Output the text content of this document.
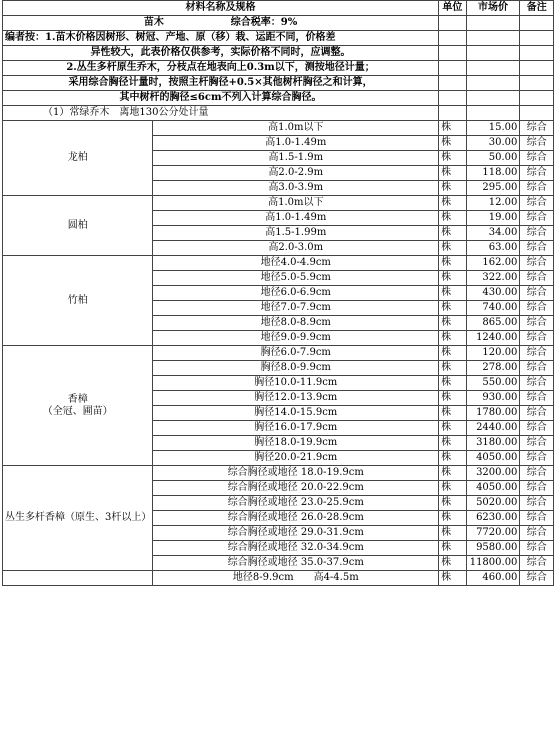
材料名称及规格		单位	市场价	备注
苗木 综合税率：9%				
编者按：1.苗木价格因树形、树冠、产地、原（移）栽、运距不同，价格差				
异性较大，此表价格仅供参考，实际价格不同时，应调整。				
2.丛生多杆原生乔木，分枝点在地表向上0.3m以下，测按地径计量；				
采用综合胸径计量时，按照主杆胸径+0.5×其他树杆胸径之和计算，				
其中树杆的胸径≤6cm不列入计算综合胸径。				
（1）常绿乔木　离地130公分处计量				

龙柏	高1.0m以下	株	15.00	综合
	高1.0-1.49m	株	30.00	综合
	高1.5-1.9m	株	50.00	综合
	高2.0-2.9m	株	118.00	综合
	高3.0-3.9m	株	295.00	综合

圆柏	高1.0m以下	株	12.00	综合
	高1.0-1.49m	株	19.00	综合
	高1.5-1.99m	株	34.00	综合
	高2.0-3.0m	株	63.00	综合

竹柏	地径4.0-4.9cm	株	162.00	综合
	地径5.0-5.9cm	株	322.00	综合
	地径6.0-6.9cm	株	430.00	综合
	地径7.0-7.9cm	株	740.00	综合
	地径8.0-8.9cm	株	865.00	综合
	地径9.0-9.9cm	株	1240.00	综合

香樟
（全冠、圃苗）	胸径6.0-7.9cm	株	120.00	综合
	胸径8.0-9.9cm	株	278.00	综合
	胸径10.0-11.9cm	株	550.00	综合
	胸径12.0-13.9cm	株	930.00	综合
	胸径14.0-15.9cm	株	1780.00	综合
	胸径16.0-17.9cm	株	2440.00	综合
	胸径18.0-19.9cm	株	3180.00	综合
	胸径20.0-21.9cm	株	4050.00	综合

丛生多杆香樟（原生、3杆以上）	综合胸径或地径 18.0-19.9cm	株	3200.00	综合
	综合胸径或地径 20.0-22.9cm	株	4050.00	综合
	综合胸径或地径 23.0-25.9cm	株	5020.00	综合
	综合胸径或地径 26.0-28.9cm	株	6230.00	综合
	综合胸径或地径 29.0-31.9cm	株	7720.00	综合
	综合胸径或地径 32.0-34.9cm	株	9580.00	综合
	综合胸径或地径 35.0-37.9cm	株	11800.00	综合
	地径8-9.9cm　　高4-4.5m	株	460.00	综合
